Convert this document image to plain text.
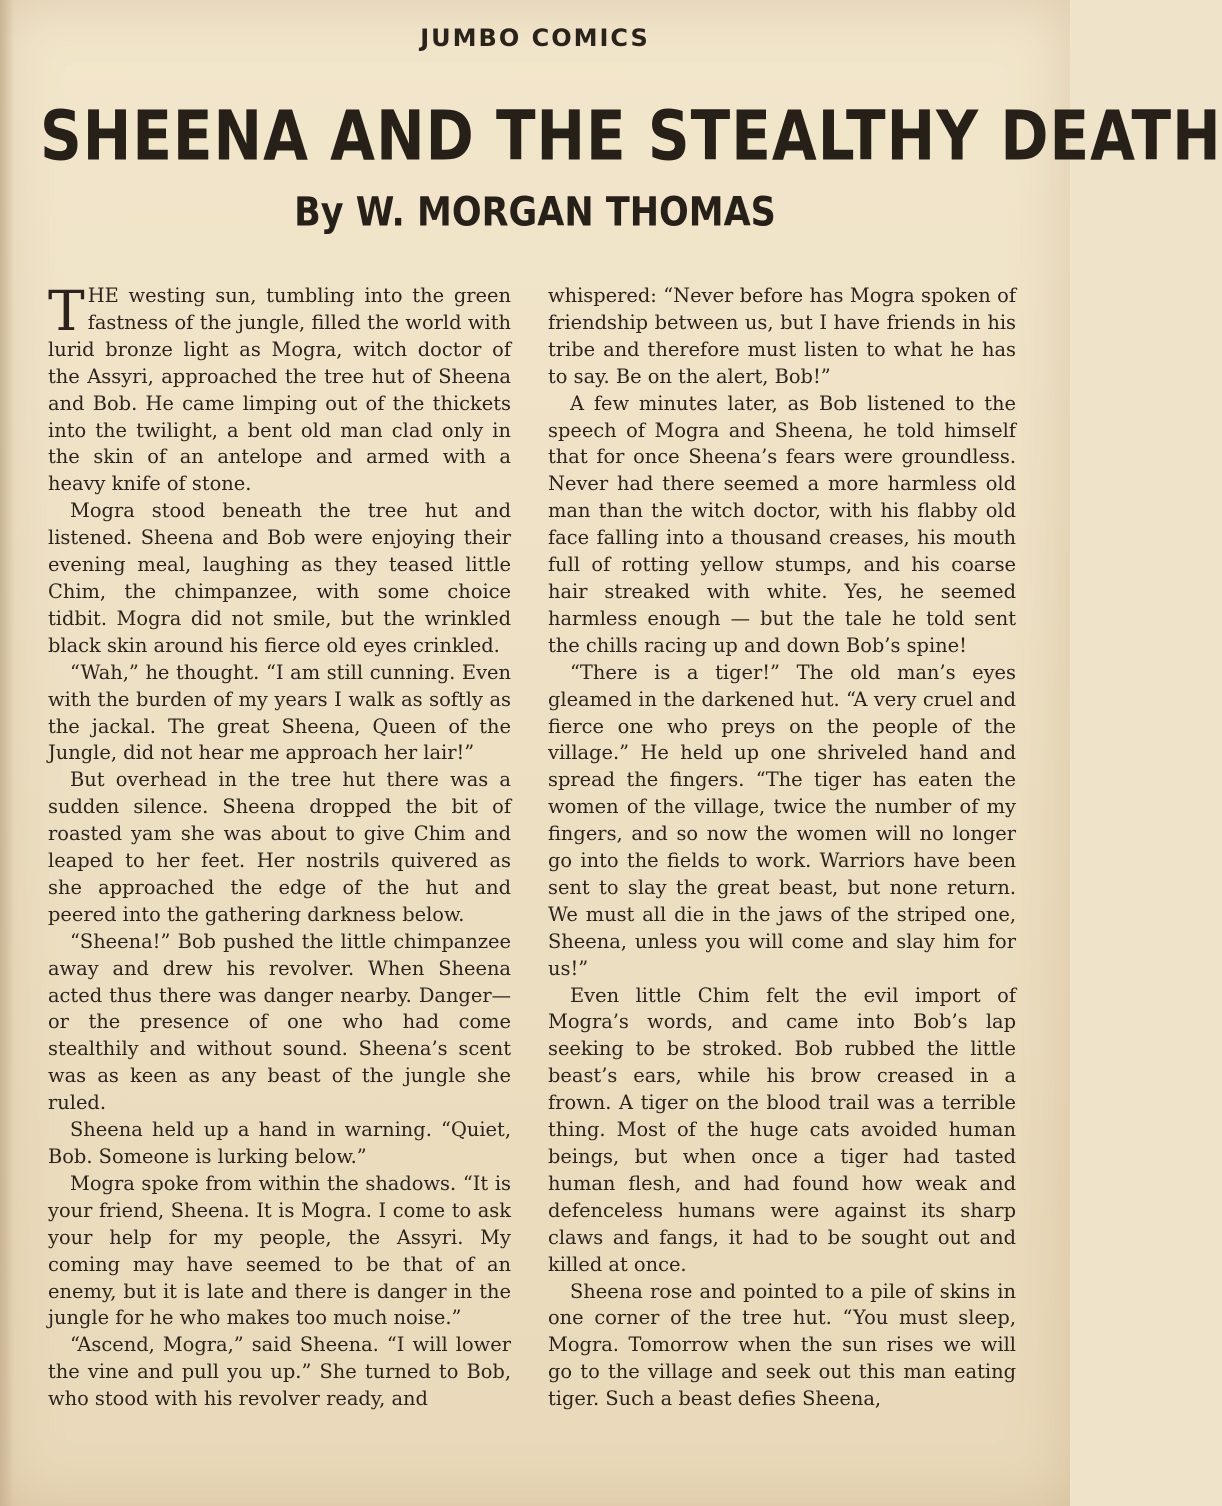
JUMBO COMICS
SHEENA AND THE STEALTHY DEATH
By W. MORGAN THOMAS

THE westing sun, tumbling into the green fastness of the jungle, filled the world with lurid bronze light as Mogra, witch doctor of the Assyri, approached the tree hut of Sheena and Bob. He came limping out of the thickets into the twilight, a bent old man clad only in the skin of an antelope and armed with a heavy knife of stone.

Mogra stood beneath the tree hut and listened. Sheena and Bob were enjoying their evening meal, laughing as they teased little Chim, the chimpanzee, with some choice tidbit. Mogra did not smile, but the wrinkled black skin around his fierce old eyes crinkled.

“Wah,” he thought. “I am still cunning. Even with the burden of my years I walk as softly as the jackal. The great Sheena, Queen of the Jungle, did not hear me approach her lair!”

But overhead in the tree hut there was a sudden silence. Sheena dropped the bit of roasted yam she was about to give Chim and leaped to her feet. Her nostrils quivered as she approached the edge of the hut and peered into the gathering darkness below.

“Sheena!” Bob pushed the little chimpanzee away and drew his revolver. When Sheena acted thus there was danger nearby. Danger— or the presence of one who had come stealthily and without sound. Sheena’s scent was as keen as any beast of the jungle she ruled.

Sheena held up a hand in warning. “Quiet, Bob. Someone is lurking below.”

Mogra spoke from within the shadows. “It is your friend, Sheena. It is Mogra. I come to ask your help for my people, the Assyri. My coming may have seemed to be that of an enemy, but it is late and there is danger in the jungle for he who makes too much noise.”

“Ascend, Mogra,” said Sheena. “I will lower the vine and pull you up.” She turned to Bob, who stood with his revolver ready, and

whispered: “Never before has Mogra spoken of friendship between us, but I have friends in his tribe and therefore must listen to what he has to say. Be on the alert, Bob!”

A few minutes later, as Bob listened to the speech of Mogra and Sheena, he told himself that for once Sheena’s fears were groundless. Never had there seemed a more harmless old man than the witch doctor, with his flabby old face falling into a thousand creases, his mouth full of rotting yellow stumps, and his coarse hair streaked with white. Yes, he seemed harmless enough — but the tale he told sent the chills racing up and down Bob’s spine!

“There is a tiger!” The old man’s eyes gleamed in the darkened hut. “A very cruel and fierce one who preys on the people of the village.” He held up one shriveled hand and spread the fingers. “The tiger has eaten the women of the village, twice the number of my fingers, and so now the women will no longer go into the fields to work. Warriors have been sent to slay the great beast, but none return. We must all die in the jaws of the striped one, Sheena, unless you will come and slay him for us!”

Even little Chim felt the evil import of Mogra’s words, and came into Bob’s lap seeking to be stroked. Bob rubbed the little beast’s ears, while his brow creased in a frown. A tiger on the blood trail was a terrible thing. Most of the huge cats avoided human beings, but when once a tiger had tasted human flesh, and had found how weak and defenceless humans were against its sharp claws and fangs, it had to be sought out and killed at once.

Sheena rose and pointed to a pile of skins in one corner of the tree hut. “You must sleep, Mogra. Tomorrow when the sun rises we will go to the village and seek out this man eating tiger. Such a beast defies Sheena,
